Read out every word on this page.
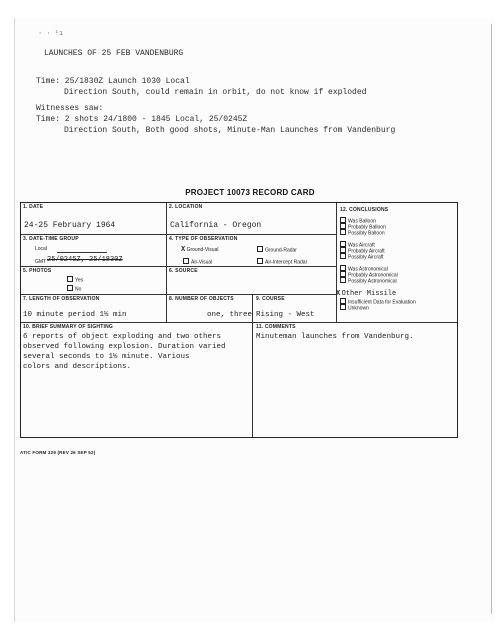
· · ¹ı
LAUNCHES OF 25 FEB VANDENBURG
Time: 25/1830Z Launch 1030 Local
Direction South, could remain in orbit, do not know if exploded
Witnesses saw:
Time: 2 shots 24/1800 - 1845 Local, 25/0245Z
Direction South, Both good shots, Minute-Man Launches from Vandenburg
PROJECT 10073 RECORD CARD
1. DATE
24-25 February 1964
2. LOCATION
California - Oregon
3. DATE-TIME GROUP
Local
GMT 25/0245Z, 25/1830Z
4. TYPE OF OBSERVATION
X Ground-Visual	Ground-Radar
Air-Visual	Air-Intercept Radar
5. PHOTOS
Yes
No
6. SOURCE
7. LENGTH OF OBSERVATION
10 minute period 1½ min
8. NUMBER OF OBJECTS
one, three
9. COURSE
Rising - West
10. BRIEF SUMMARY OF SIGHTING
6 reports of object exploding and two others
observed following explosion. Duration varied
several seconds to 1½ minute. Various
colors and descriptions.
11. COMMENTS
Minuteman launches from Vandenburg.
12. CONCLUSIONS
Was Balloon
Probably Balloon
Possibly Balloon
Was Aircraft
Probably Aircraft
Possibly Aircraft
Was Astronomical
Probably Astronomical
Possibly Astronomical
X Other Missile
Insufficient Data for Evaluation
Unknown
ATIC FORM 329 (REV 26 SEP 52)
